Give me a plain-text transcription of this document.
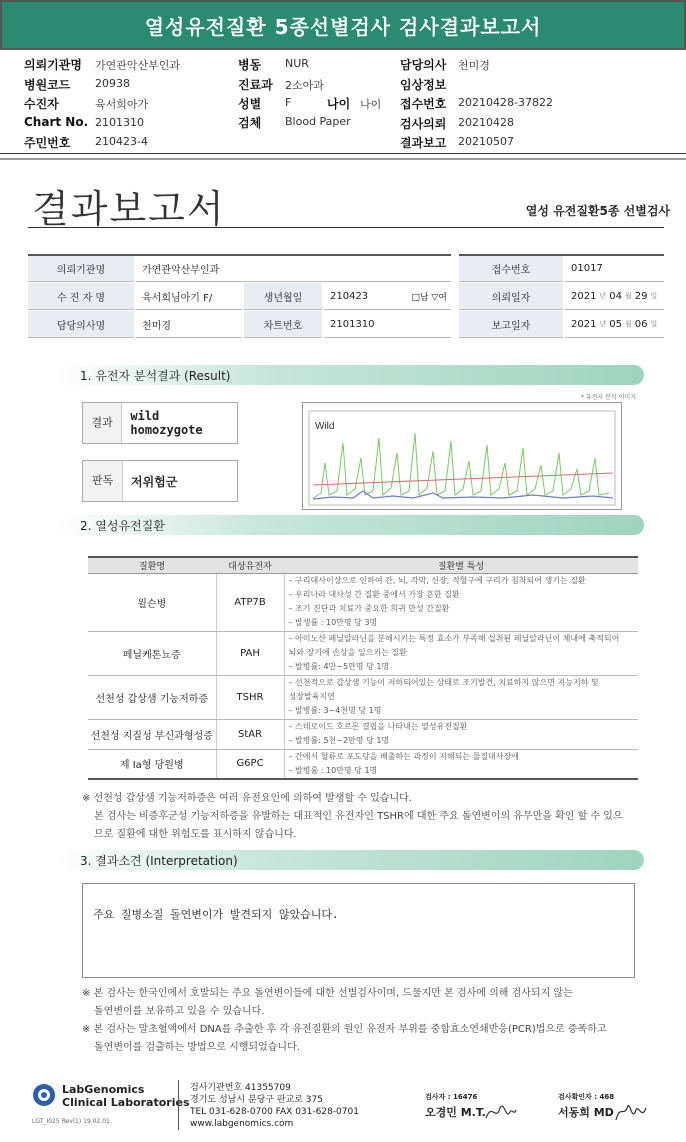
열성유전질환 5종선별검사 검사결과보고서
의뢰기관명 가연관악산부인과
병원코드 20938
수진자	육서희아가
Chart No. 2101310
주민번호 210423-4
병동 NUR
진료과 2소아과
성별 F	나이 나이
검체 Blood Paper
담당의사 천미경
임상정보
접수번호 20210428-37822
검사의뢰 20210428
결과보고 20210507
결과보고서	열성 유전질환5종 선별검사
의뢰기관명	가연관악산부인과
수 진 자 명	육서희님아기 F/	생년월일	210423	□남 ▽여
담당의사명	천미경	차트번호	2101310
접수번호	01017
의뢰일자	2021 년 04 월 29 일
보고일자	2021 년 05 월 06 일
1. 유전자 분석결과 (Result)
* 유전자 분석 이미지
결과	wild homozygote
판독	저위험군
Wild
2. 열성유전질환
질환명	대상유전자	질환별 특성
윌슨병	ATP7B	– 구리대사이상으로 인하여 간, 뇌, 각막, 신장, 적혈구에 구리가 침착되어 생기는 질환
– 우리나라 대사성 간 질환 중에서 가장 흔한 질환
– 조기 진단과 치료가 중요한 희귀 만성 간질환
– 발생률 : 10만명 당 3명

페닐케톤뇨증	PAH	– 아미노산 페닐알라닌을 분해시키는 특정 효소가 부족해 섭취된 페닐알라닌이 체내에 축적되어
뇌와 장기에 손상을 일으키는 질환
– 발병률: 4만~5만명 당 1명

선천성 갑상샘 기능저하증	TSHR	– 선천적으로 갑상샘 기능이 저하되어있는 상태로 조기발견, 치료하지 않으면 지능저하 및
성장발육지연
– 발병률: 3~4천명 당 1명

선천성 지질성 부신과형성증	StAR	– 스테로이드 호르몬 결핍을 나타내는 열성유전질환
– 발병률: 5천~2만명 당 1명

제 Ia형 당원병	G6PC	– 간에서 혈류로 포도당을 배출하는 과정이 저해되는 물질대사장애
– 발병률 : 10만명 당 1명
※ 선천성 갑상샘 기능저하증은 여러 유전요인에 의하여 발생할 수 있습니다.
본 검사는 비증후군성 기능저하증을 유발하는 대표적인 유전자인 TSHR에 대한 주요 돌연변이의 유무만을 확인 할 수 있으
므로 질환에 대한 위험도를 표시하지 않습니다.
3. 결과소견 (Interpretation)
주요 질병소질 돌연변이가 발견되지 않았습니다.
※ 본 검사는 한국인에서 호발되는 주요 돌연변이들에 대한 선별검사이며, 드물지만 본 검사에 의해 검사되지 않는
돌연변이를 보유하고 있을 수 있습니다.
※ 본 검사는 말초혈액에서 DNA를 추출한 후 각 유전질환의 원인 유전자 부위를 중합효소연쇄반응(PCR)법으로 증폭하고
돌연변이를 검출하는 방법으로 시행되었습니다.
LabGenomics
Clinical Laboratories
LGT_I025 Rev(1) 19.02.01
검사기관번호 41355709
경기도 성남시 분당구 판교로 375
TEL 031-628-0700 FAX 031-628-0701
www.labgenomics.com
검사자 : 16476
오경민 M.T.
검사확인자 : 468
서동희 MD
